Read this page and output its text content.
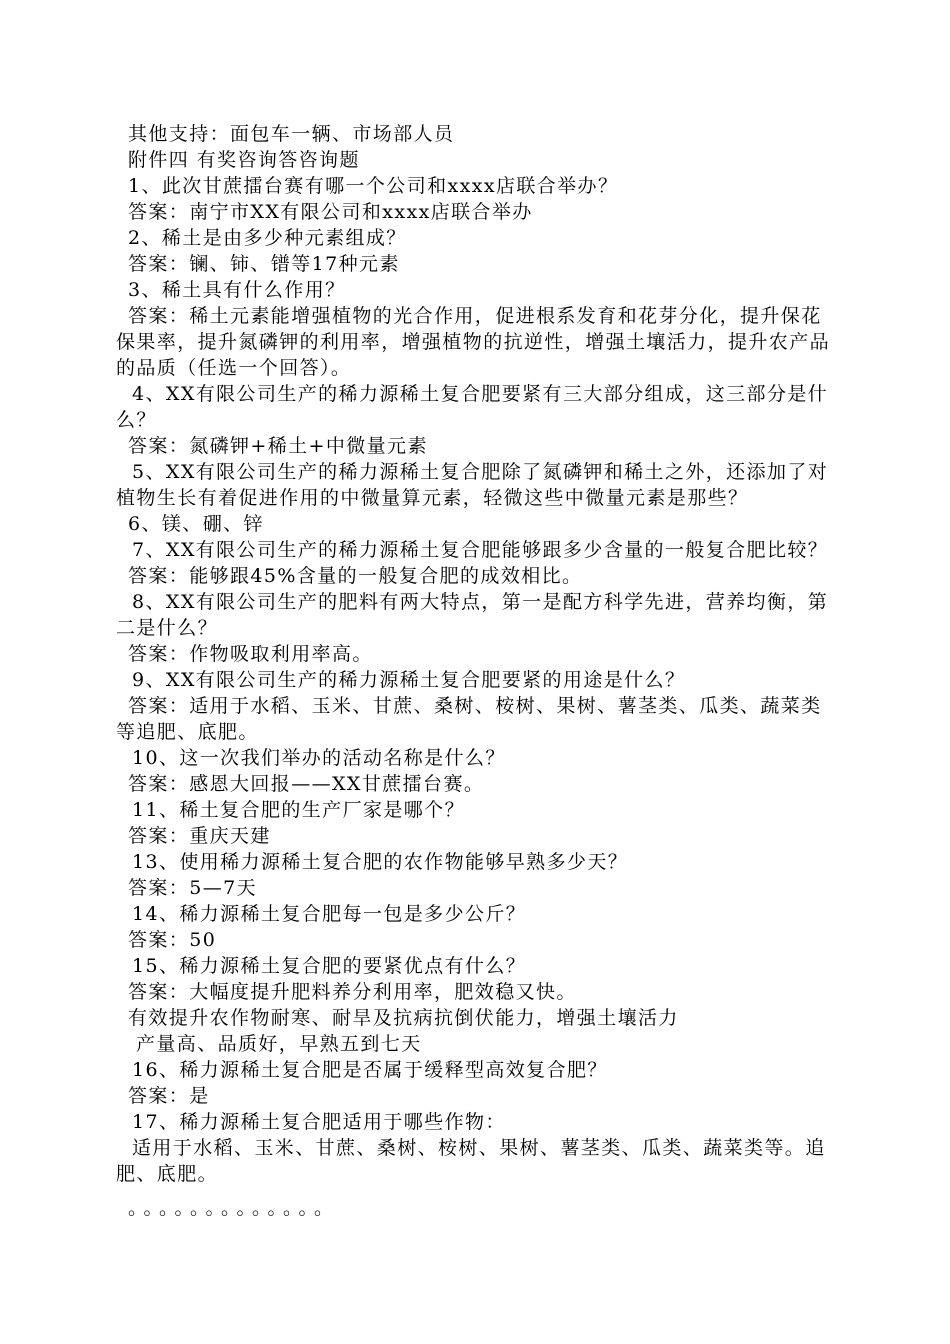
其他支持：面包车一辆、市场部人员

附件四 有奖咨询答咨询题

1、此次甘蔗擂台赛有哪一个公司和xxxx店联合举办？

答案：南宁市XX有限公司和xxxx店联合举办

2、稀土是由多少种元素组成？

答案：镧、铈、镨等17种元素

3、稀土具有什么作用？

答案：稀土元素能增强植物的光合作用，促进根系发育和花芽分化，提升保花保果率，提升氮磷钾的利用率，增强植物的抗逆性，增强土壤活力，提升农产品的品质（任选一个回答）。

4、XX有限公司生产的稀力源稀土复合肥要紧有三大部分组成，这三部分是什么？

答案：氮磷钾+稀土+中微量元素

5、XX有限公司生产的稀力源稀土复合肥除了氮磷钾和稀土之外，还添加了对植物生长有着促进作用的中微量算元素，轻微这些中微量元素是那些？

6、镁、硼、锌

7、XX有限公司生产的稀力源稀土复合肥能够跟多少含量的一般复合肥比较？

答案：能够跟45%含量的一般复合肥的成效相比。

8、XX有限公司生产的肥料有两大特点，第一是配方科学先进，营养均衡，第二是什么？

答案：作物吸取利用率高。

9、XX有限公司生产的稀力源稀土复合肥要紧的用途是什么？

答案：适用于水稻、玉米、甘蔗、桑树、桉树、果树、薯茎类、瓜类、蔬菜类等追肥、底肥。

10、这一次我们举办的活动名称是什么？

答案：感恩大回报——XX甘蔗擂台赛。

11、稀土复合肥的生产厂家是哪个？

答案：重庆天建

13、使用稀力源稀土复合肥的农作物能够早熟多少天？

答案：5—7天

14、稀力源稀土复合肥每一包是多少公斤？

答案：50

15、稀力源稀土复合肥的要紧优点有什么？

答案：大幅度提升肥料养分利用率，肥效稳又快。

有效提升农作物耐寒、耐旱及抗病抗倒伏能力，增强土壤活力

产量高、品质好，早熟五到七天

16、稀力源稀土复合肥是否属于缓释型高效复合肥？

答案：是

17、稀力源稀土复合肥适用于哪些作物：

适用于水稻、玉米、甘蔗、桑树、桉树、果树、薯茎类、瓜类、蔬菜类等。追肥、底肥。

。。。。。。。。。。。。。
